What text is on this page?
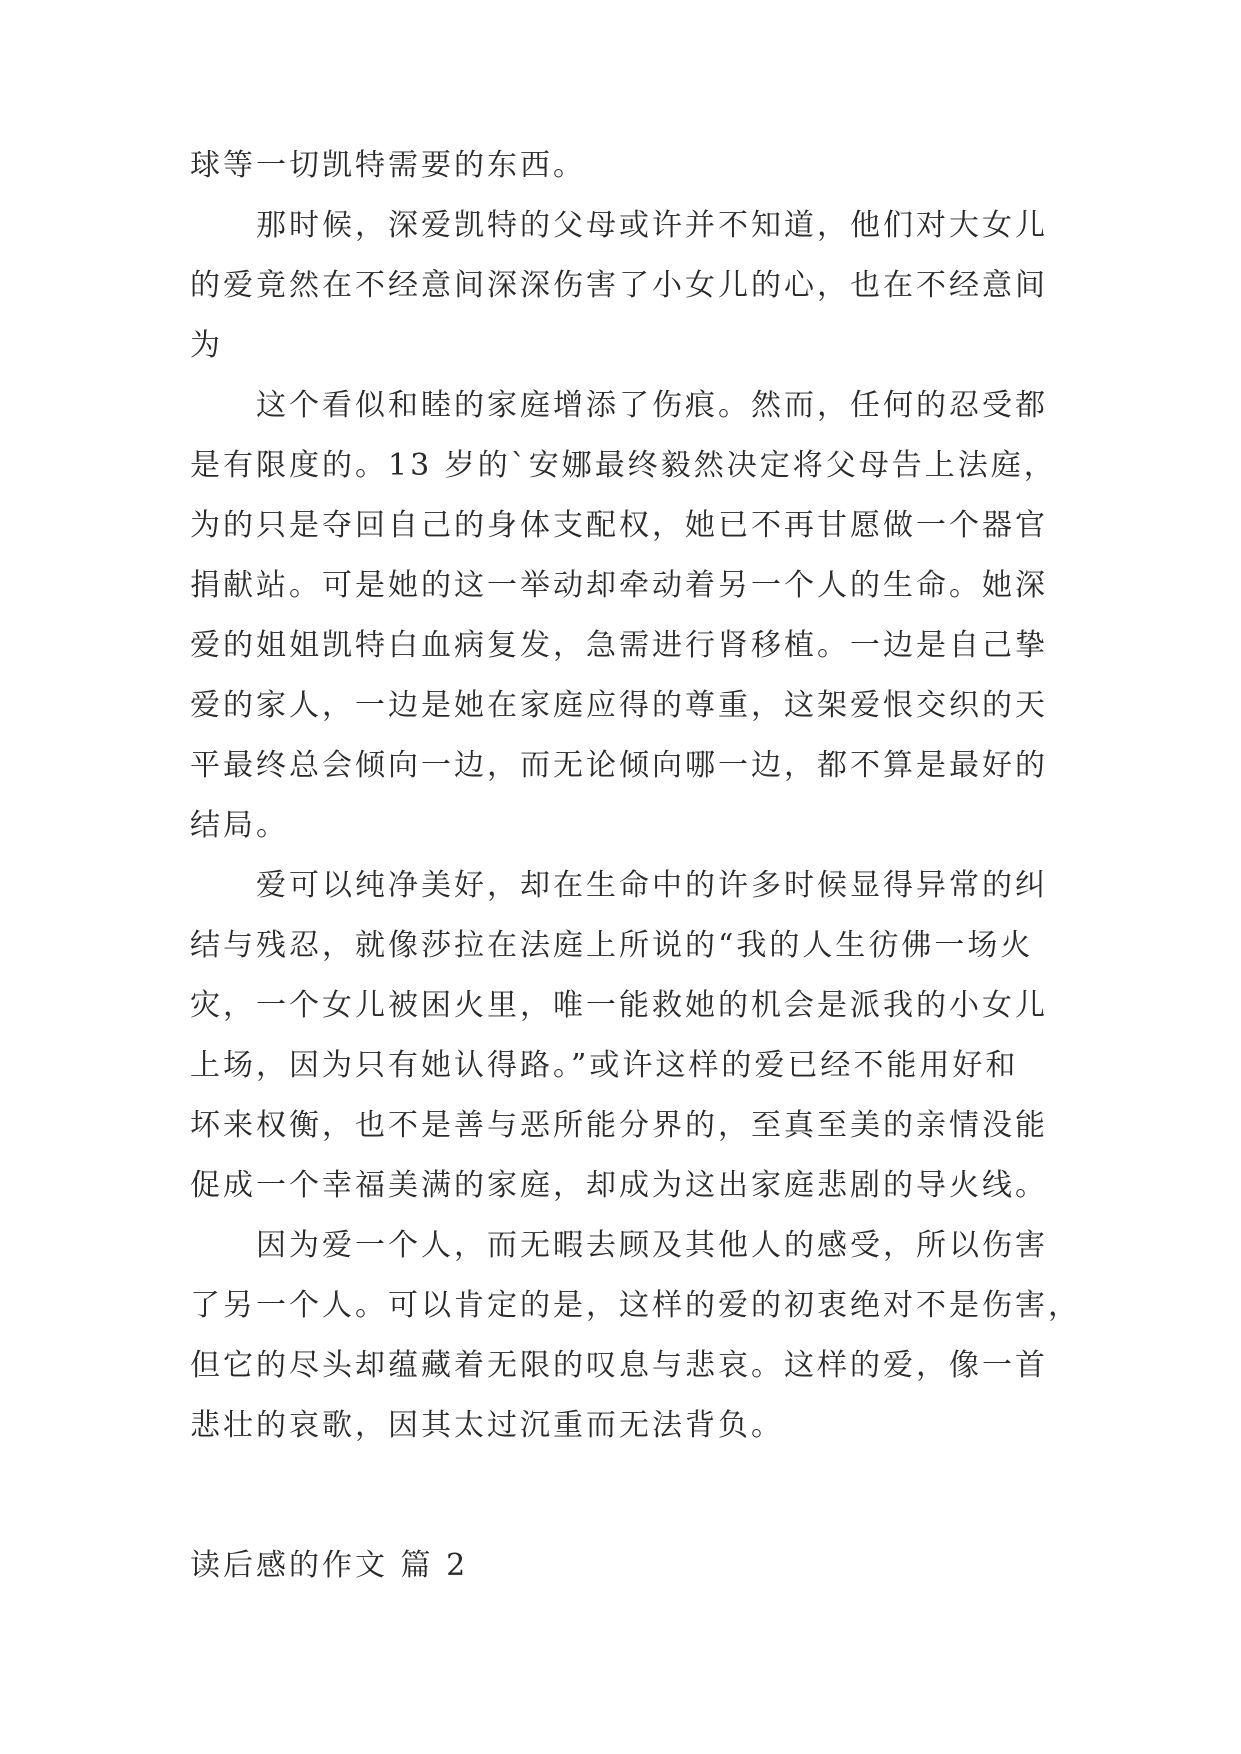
球等一切凯特需要的东西。

那时候，深爱凯特的父母或许并不知道，他们对大女儿

的爱竟然在不经意间深深伤害了小女儿的心，也在不经意间

为

这个看似和睦的家庭增添了伤痕。然而，任何的忍受都

是有限度的。13 岁的`安娜最终毅然决定将父母告上法庭，

为的只是夺回自己的身体支配权，她已不再甘愿做一个器官

捐献站。可是她的这一举动却牵动着另一个人的生命。她深

爱的姐姐凯特白血病复发，急需进行肾移植。一边是自己挚

爱的家人，一边是她在家庭应得的尊重，这架爱恨交织的天

平最终总会倾向一边，而无论倾向哪一边，都不算是最好的

结局。

爱可以纯净美好，却在生命中的许多时候显得异常的纠

结与残忍，就像莎拉在法庭上所说的“我的人生彷佛一场火

灾，一个女儿被困火里，唯一能救她的机会是派我的小女儿

上场，因为只有她认得路。”或许这样的爱已经不能用好和

坏来权衡，也不是善与恶所能分界的，至真至美的亲情没能

促成一个幸福美满的家庭，却成为这出家庭悲剧的导火线。

因为爱一个人，而无暇去顾及其他人的感受，所以伤害

了另一个人。可以肯定的是，这样的爱的初衷绝对不是伤害，

但它的尽头却蕴藏着无限的叹息与悲哀。这样的爱，像一首

悲壮的哀歌，因其太过沉重而无法背负。

读后感的作文 篇 2
